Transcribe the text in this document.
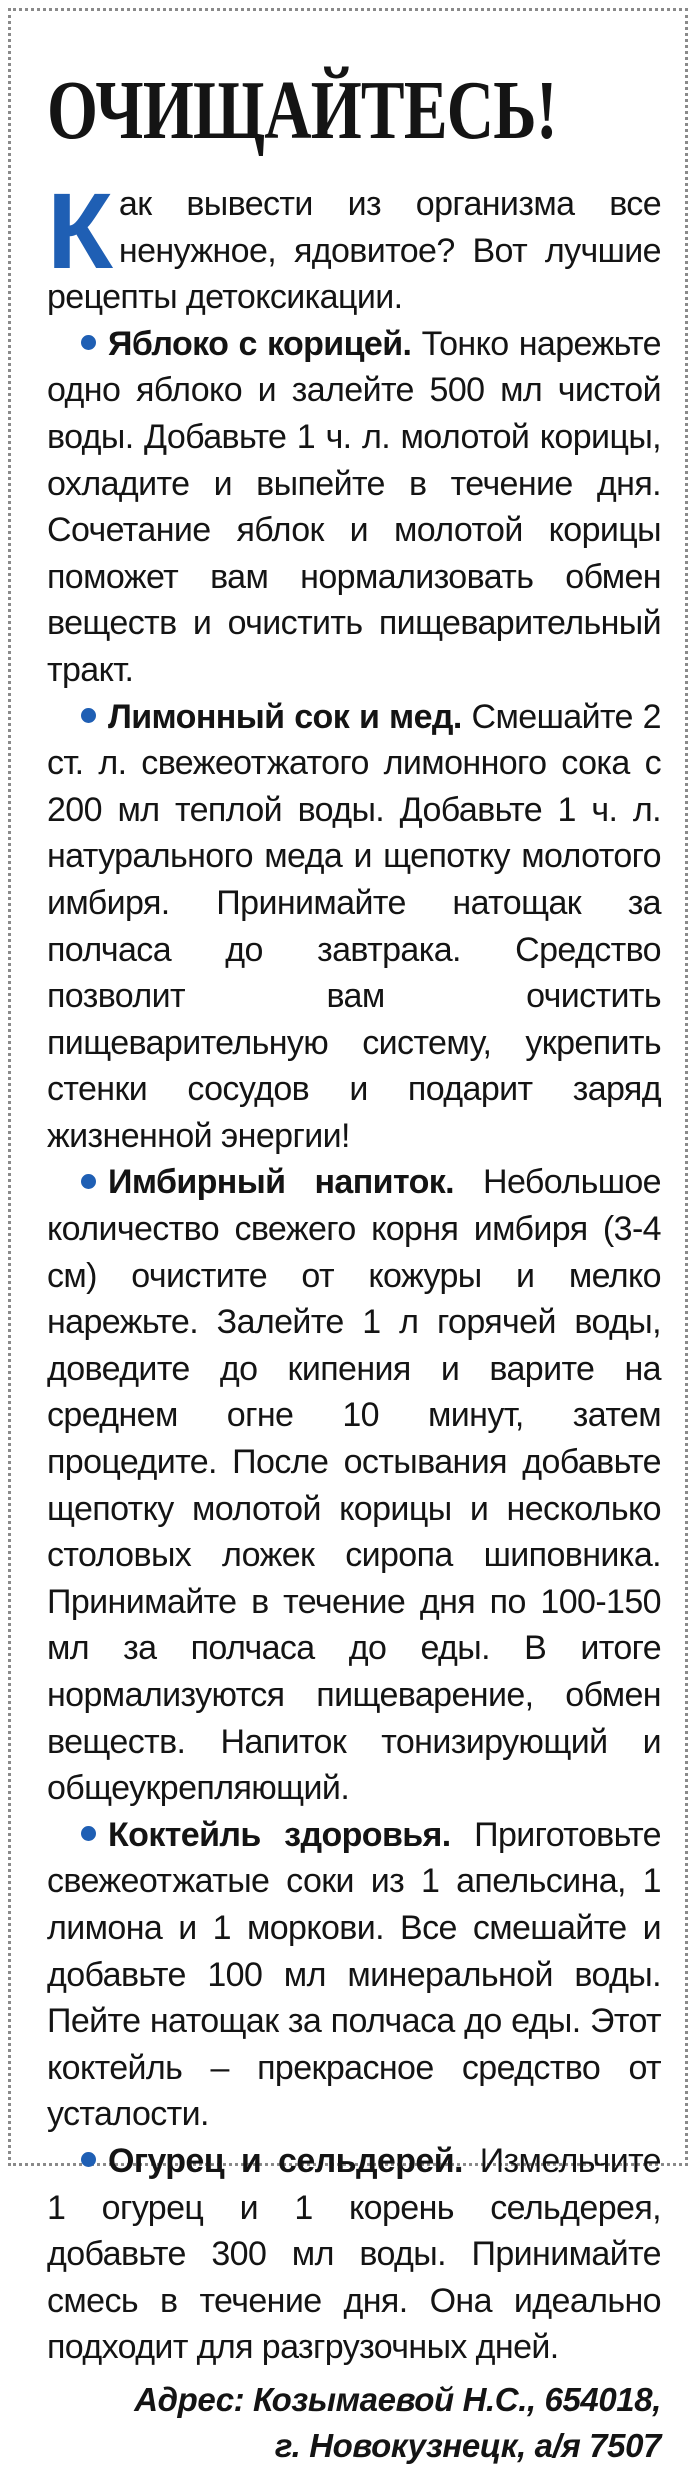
ОЧИЩАЙТЕСЬ!

Как вывести из организма все ненужное, ядовитое? Вот лучшие рецепты детоксикации.

Яблоко с корицей. Тонко нарежьте одно яблоко и залейте 500 мл чистой воды. Добавьте 1 ч. л. молотой корицы, охладите и выпейте в течение дня. Сочетание яблок и молотой корицы поможет вам нормализовать обмен веществ и очистить пищеварительный тракт.

Лимонный сок и мед. Смешайте 2 ст. л. свежеотжатого лимонного сока с 200 мл теплой воды. Добавьте 1 ч. л. натурального меда и щепотку молотого имбиря. Принимайте натощак за полчаса до завтрака. Средство позволит вам очистить пищеварительную систему, укрепить стенки сосудов и подарит заряд жизненной энергии!

Имбирный напиток. Небольшое количество свежего корня имбиря (3-4 см) очистите от кожуры и мелко нарежьте. Залейте 1 л горячей воды, доведите до кипения и варите на среднем огне 10 минут, затем процедите. После остывания добавьте щепотку молотой корицы и несколько столовых ложек сиропа шиповника. Принимайте в течение дня по 100-150 мл за полчаса до еды. В итоге нормализуются пищеварение, обмен веществ. Напиток тонизирующий и общеукрепляющий.

Коктейль здоровья. Приготовьте свежеотжатые соки из 1 апельсина, 1 лимона и 1 моркови. Все смешайте и добавьте 100 мл минеральной воды. Пейте натощак за полчаса до еды. Этот коктейль – прекрасное средство от усталости.

Огурец и сельдерей. Измельчите 1 огурец и 1 корень сельдерея, добавьте 300 мл воды. Принимайте смесь в течение дня. Она идеально подходит для разгрузочных дней.

Адрес: Козымаевой Н.С., 654018,
г. Новокузнецк, а/я 7507
